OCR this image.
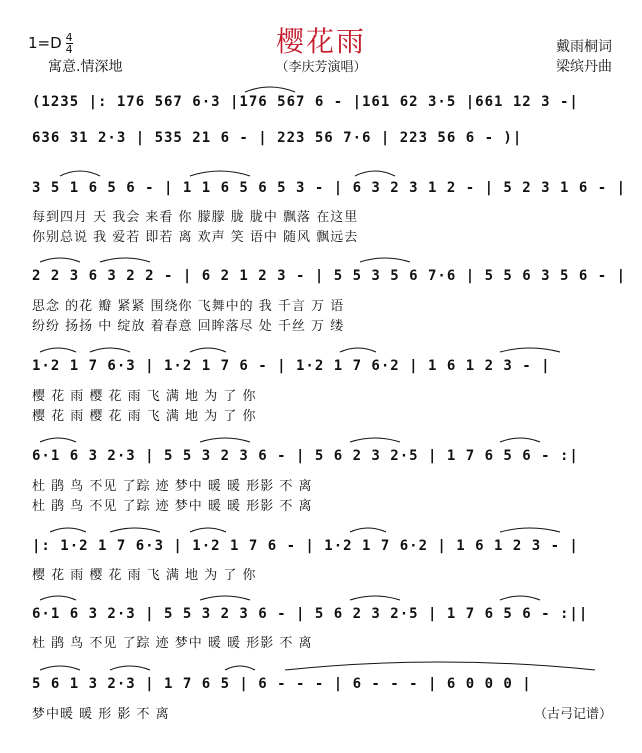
樱花雨
$1=D \frac{4}{4}$
寓意.情深地	（李庆芳演唱）
戴雨桐词
梁缤丹曲
(1235 |: 176 567 6·3 |176 567 6 - |161 62 3·5 |661 12 3 -|
636 31 2·3 | 535 21 6 - | 223 56 7·6 | 223 56 6 - )|
3 5 1 6 5 6 - | 1 1 6 5 6 5 3 - | 6 3 2 3 1 2 - | 5 2 3 1 6 - |
每到四月 天 我会 来看 你 朦朦 胧 胧中 飘落 在这里
你别总说 我 爱若 即若 离 欢声 笑 语中 随风 飘远去
2 2 3 6 3 2 2 - | 6 2 1 2 3 - | 5 5 3 5 6 7·6 | 5 5 6 3 5 6 - |
思念 的花 瓣 紧紧 围绕你 飞舞中的 我 千言 万 语
纷纷 扬扬 中 绽放 着春意 回眸落尽 处 千丝 万 缕
1·2 1 7 6·3 | 1·2 1 7 6 - | 1·2 1 7 6·2 | 1 6 1 2 3 - |
樱 花 雨 樱 花 雨 飞 满 地 为 了 你
樱 花 雨 樱 花 雨 飞 满 地 为 了 你
6·1 6 3 2·3 | 5 5 3 2 3 6 - | 5 6 2 3 2·5 | 1 7 6 5 6 - :|
杜 鹃 鸟 不见 了踪 迹 梦中 暖 暖 形影 不 离
杜 鹃 鸟 不见 了踪 迹 梦中 暖 暖 形影 不 离
|: 1·2 1 7 6·3 | 1·2 1 7 6 - | 1·2 1 7 6·2 | 1 6 1 2 3 - |
樱 花 雨 樱 花 雨 飞 满 地 为 了 你
6·1 6 3 2·3 | 5 5 3 2 3 6 - | 5 6 2 3 2·5 | 1 7 6 5 6 - :||
杜 鹃 鸟 不见 了踪 迹 梦中 暖 暖 形影 不 离
5 6 1 3 2·3 | 1 7 6 5 | 6 - - - | 6 - - - | 6 0 0 0 |
梦中暖 暖 形 影 不 离	（古弓记谱）
